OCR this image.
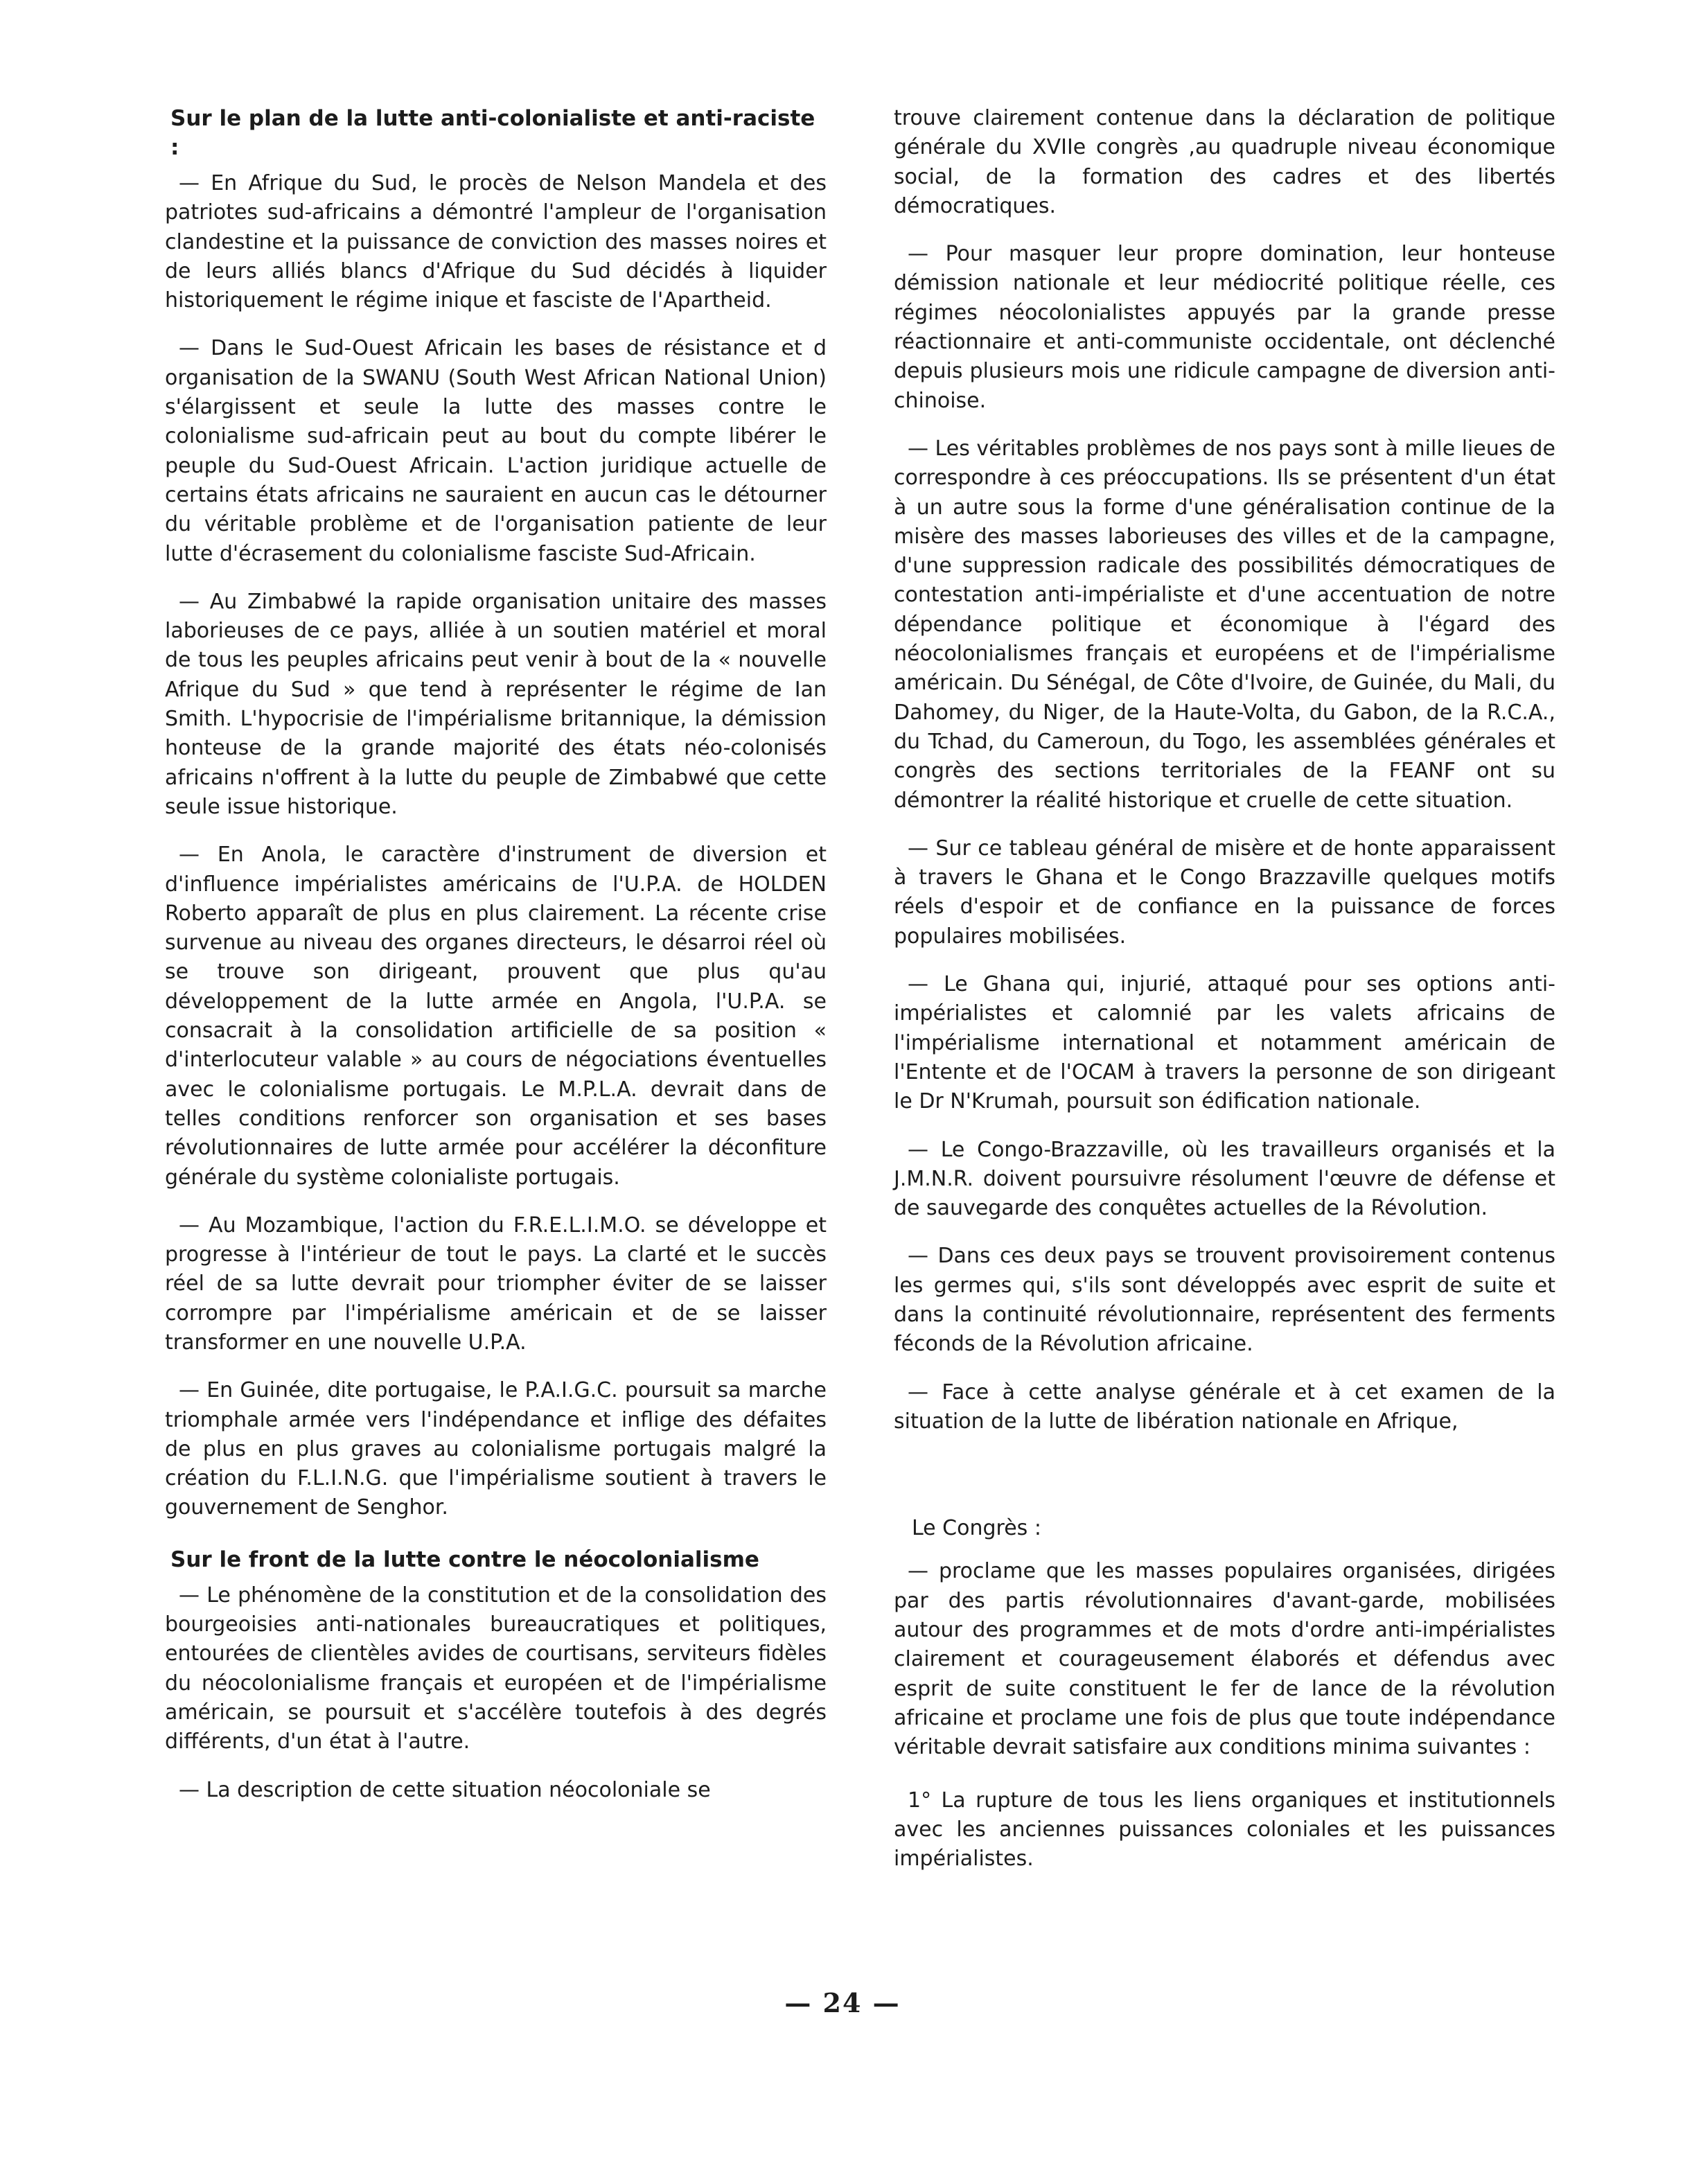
Sur le plan de la lutte anti-colonialiste et anti-raciste :

— En Afrique du Sud, le procès de Nelson Mandela et des patriotes sud-africains a démontré l'ampleur de l'organisation clandestine et la puissance de conviction des masses noires et de leurs alliés blancs d'Afrique du Sud décidés à liquider historiquement le régime inique et fasciste de l'Apartheid.

— Dans le Sud-Ouest Africain les bases de résistance et d organisation de la SWANU (South West African National Union) s'élargissent et seule la lutte des masses contre le colonialisme sud-africain peut au bout du compte libérer le peuple du Sud-Ouest Africain. L'action juridique actuelle de certains états africains ne sauraient en aucun cas le détourner du véritable problème et de l'organisation patiente de leur lutte d'écrasement du colonialisme fasciste Sud-Africain.

— Au Zimbabwé la rapide organisation unitaire des masses laborieuses de ce pays, alliée à un soutien matériel et moral de tous les peuples africains peut venir à bout de la « nouvelle Afrique du Sud » que tend à représenter le régime de Ian Smith. L'hypocrisie de l'impérialisme britannique, la démission honteuse de la grande majorité des états néo-colonisés africains n'offrent à la lutte du peuple de Zimbabwé que cette seule issue historique.

— En Anola, le caractère d'instrument de diversion et d'influence impérialistes américains de l'U.P.A. de HOLDEN Roberto apparaît de plus en plus clairement. La récente crise survenue au niveau des organes directeurs, le désarroi réel où se trouve son dirigeant, prouvent que plus qu'au développement de la lutte armée en Angola, l'U.P.A. se consacrait à la consolidation artificielle de sa position « d'interlocuteur valable » au cours de négociations éventuelles avec le colonialisme portugais. Le M.P.L.A. devrait dans de telles conditions renforcer son organisation et ses bases révolutionnaires de lutte armée pour accélérer la déconfiture générale du système colonialiste portugais.

— Au Mozambique, l'action du F.R.E.L.I.M.O. se développe et progresse à l'intérieur de tout le pays. La clarté et le succès réel de sa lutte devrait pour triompher éviter de se laisser corrompre par l'impérialisme américain et de se laisser transformer en une nouvelle U.P.A.

— En Guinée, dite portugaise, le P.A.I.G.C. poursuit sa marche triomphale armée vers l'indépendance et inflige des défaites de plus en plus graves au colonialisme portugais malgré la création du F.L.I.N.G. que l'impérialisme soutient à travers le gouvernement de Senghor.

Sur le front de la lutte contre le néocolonialisme

— Le phénomène de la constitution et de la consolidation des bourgeoisies anti-nationales bureaucratiques et politiques, entourées de clientèles avides de courtisans, serviteurs fidèles du néocolonialisme français et européen et de l'impérialisme américain, se poursuit et s'accélère toutefois à des degrés différents, d'un état à l'autre.

— La description de cette situation néocoloniale se

trouve clairement contenue dans la déclaration de politique générale du XVIIe congrès ,au quadruple niveau économique social, de la formation des cadres et des libertés démocratiques.

— Pour masquer leur propre domination, leur honteuse démission nationale et leur médiocrité politique réelle, ces régimes néocolonialistes appuyés par la grande presse réactionnaire et anti-communiste occidentale, ont déclenché depuis plusieurs mois une ridicule campagne de diversion anti-chinoise.

— Les véritables problèmes de nos pays sont à mille lieues de correspondre à ces préoccupations. Ils se présentent d'un état à un autre sous la forme d'une généralisation continue de la misère des masses laborieuses des villes et de la campagne, d'une suppression radicale des possibilités démocratiques de contestation anti-impérialiste et d'une accentuation de notre dépendance politique et économique à l'égard des néocolonialismes français et européens et de l'impérialisme américain. Du Sénégal, de Côte d'Ivoire, de Guinée, du Mali, du Dahomey, du Niger, de la Haute-Volta, du Gabon, de la R.C.A., du Tchad, du Cameroun, du Togo, les assemblées générales et congrès des sections territoriales de la FEANF ont su démontrer la réalité historique et cruelle de cette situation.

— Sur ce tableau général de misère et de honte apparaissent à travers le Ghana et le Congo Brazzaville quelques motifs réels d'espoir et de confiance en la puissance de forces populaires mobilisées.

— Le Ghana qui, injurié, attaqué pour ses options anti-impérialistes et calomnié par les valets africains de l'impérialisme international et notamment américain de l'Entente et de l'OCAM à travers la personne de son dirigeant le Dr N'Krumah, poursuit son édification nationale.

— Le Congo-Brazzaville, où les travailleurs organisés et la J.M.N.R. doivent poursuivre résolument l'œuvre de défense et de sauvegarde des conquêtes actuelles de la Révolution.

— Dans ces deux pays se trouvent provisoirement contenus les germes qui, s'ils sont développés avec esprit de suite et dans la continuité révolutionnaire, représentent des ferments féconds de la Révolution africaine.

— Face à cette analyse générale et à cet examen de la situation de la lutte de libération nationale en Afrique,

Le Congrès :

— proclame que les masses populaires organisées, dirigées par des partis révolutionnaires d'avant-garde, mobilisées autour des programmes et de mots d'ordre anti-impérialistes clairement et courageusement élaborés et défendus avec esprit de suite constituent le fer de lance de la révolution africaine et proclame une fois de plus que toute indépendance véritable devrait satisfaire aux conditions minima suivantes :

1° La rupture de tous les liens organiques et institutionnels avec les anciennes puissances coloniales et les puissances impérialistes.

— 24 —
